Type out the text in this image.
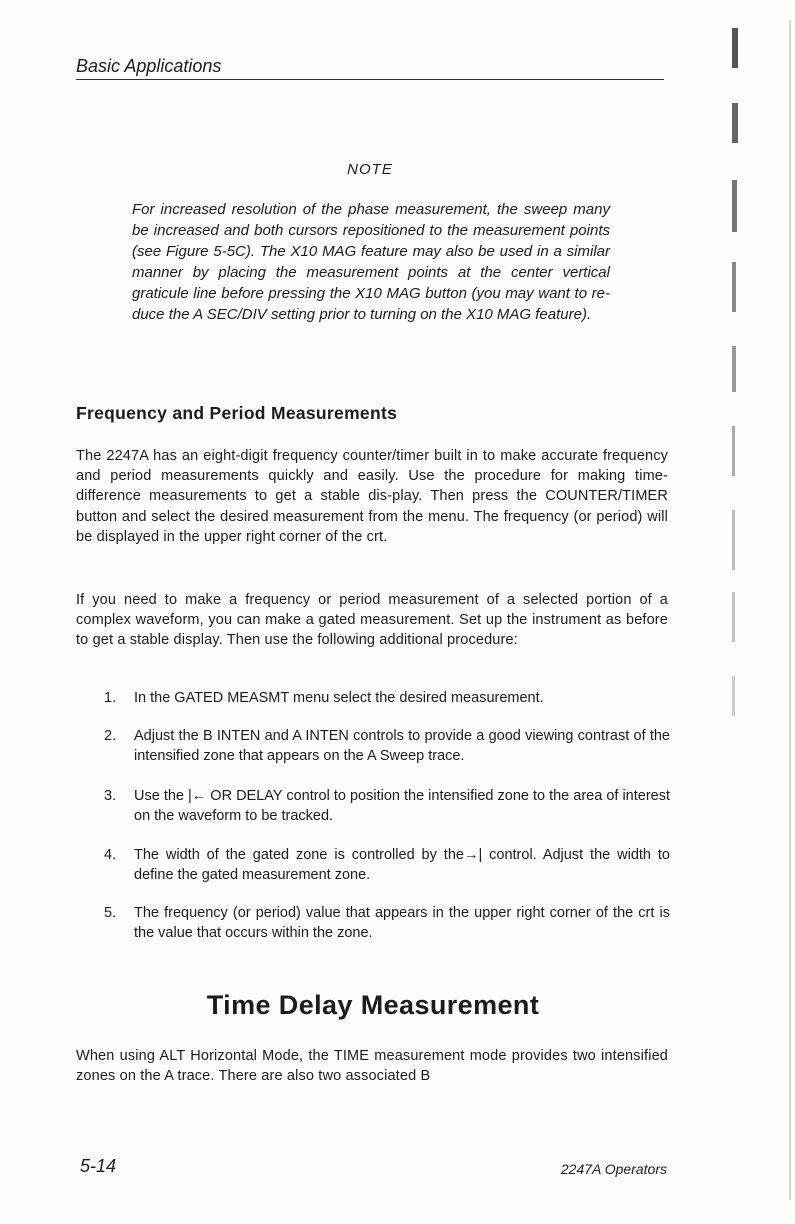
Basic Applications
NOTE
For increased resolution of the phase measurement, the sweep many be increased and both cursors repositioned to the measurement points (see Figure 5-5C). The X10 MAG feature may also be used in a similar manner by placing the measurement points at the center vertical graticule line before pressing the X10 MAG button (you may want to re-duce the A SEC/DIV setting prior to turning on the X10 MAG feature).
Frequency and Period Measurements
The 2247A has an eight-digit frequency counter/timer built in to make accurate frequency and period measurements quickly and easily. Use the procedure for making time-difference measurements to get a stable dis-play. Then press the COUNTER/TIMER button and select the desired measurement from the menu. The frequency (or period) will be displayed in the upper right corner of the crt.
If you need to make a frequency or period measurement of a selected portion of a complex waveform, you can make a gated measurement. Set up the instrument as before to get a stable display. Then use the following additional procedure:
1. In the GATED MEASMT menu select the desired measurement.
2. Adjust the B INTEN and A INTEN controls to provide a good viewing contrast of the intensified zone that appears on the A Sweep trace.
3. Use the |← OR DELAY control to position the intensified zone to the area of interest on the waveform to be tracked.
4. The width of the gated zone is controlled by the→| control. Adjust the width to define the gated measurement zone.
5. The frequency (or period) value that appears in the upper right corner of the crt is the value that occurs within the zone.
Time Delay Measurement
When using ALT Horizontal Mode, the TIME measurement mode provides two intensified zones on the A trace. There are also two associated B
5-14	2247A Operators
